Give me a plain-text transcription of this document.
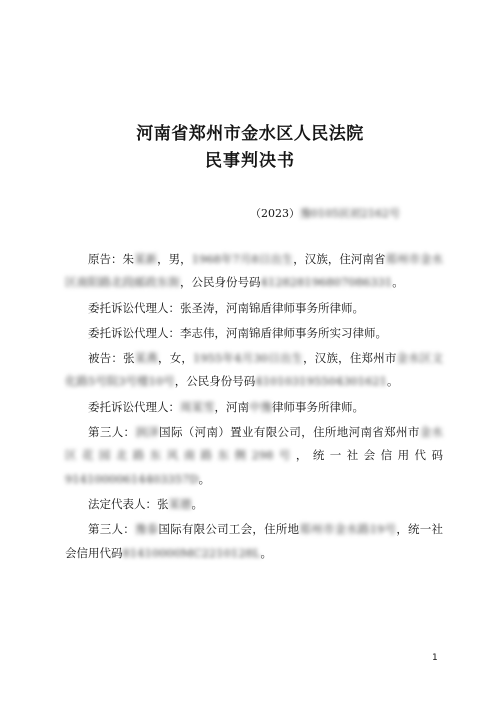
河南省郑州市金水区人民法院
民事判决书
（2023）豫0105民初2162号

原告：朱某新，男，1968年7月8日出生，汉族，住河南省郑州市金水区南阳路北段邮政东街，公民身份号码412828196807086331。

委托诉讼代理人：张圣涛，河南锦盾律师事务所律师。

委托诉讼代理人：李志伟，河南锦盾律师事务所实习律师。

被告：张某燕，女，1955年4月30日出生，汉族，住郑州市金水区文化路5号院3号楼10号，公民身份号码410103195504301621。

委托诉讼代理人：周某雪，河南中豫律师事务所律师。

第三人：润泽国际（河南）置业有限公司，住所地河南省郑州市金水区花园北路东风南路东侧298号，统一社会信用代码91410000614403357D。

法定代表人：张某德。

第三人：豫泰国际有限公司工会，住所地郑州市金水路19号，统一社会信用代码81410000MC2210128L。

1
